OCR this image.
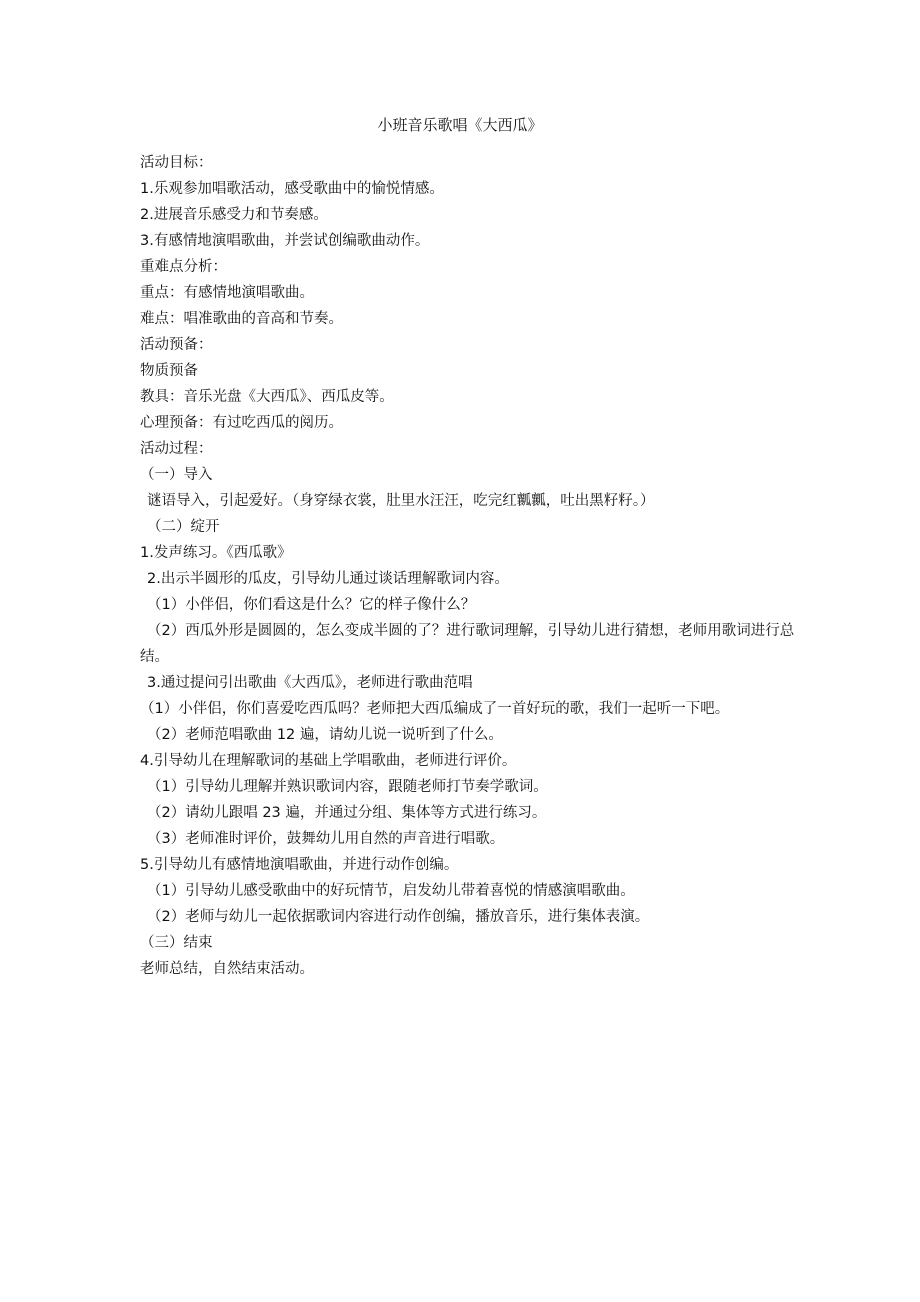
小班音乐歌唱《大西瓜》
活动目标：
1.乐观参加唱歌活动，感受歌曲中的愉悦情感。
2.进展音乐感受力和节奏感。
3.有感情地演唱歌曲，并尝试创编歌曲动作。
重难点分析：
重点：有感情地演唱歌曲。
难点：唱准歌曲的音高和节奏。
活动预备：
物质预备
教具：音乐光盘《大西瓜》、西瓜皮等。
心理预备：有过吃西瓜的阅历。
活动过程：
（一）导入
谜语导入，引起爱好。（身穿绿衣裳，肚里水汪汪，吃完红瓤瓤，吐出黑籽籽。）
（二）绽开
1.发声练习。《西瓜歌》
2.出示半圆形的瓜皮，引导幼儿通过谈话理解歌词内容。
（1）小伴侣，你们看这是什么？它的样子像什么？
（2）西瓜外形是圆圆的，怎么变成半圆的了？进行歌词理解，引导幼儿进行猜想，老师用歌词进行总结。
3.通过提问引出歌曲《大西瓜》，老师进行歌曲范唱
（1）小伴侣，你们喜爱吃西瓜吗？老师把大西瓜编成了一首好玩的歌，我们一起听一下吧。
（2）老师范唱歌曲 12 遍，请幼儿说一说听到了什么。
4.引导幼儿在理解歌词的基础上学唱歌曲，老师进行评价。
（1）引导幼儿理解并熟识歌词内容，跟随老师打节奏学歌词。
（2）请幼儿跟唱 23 遍，并通过分组、集体等方式进行练习。
（3）老师准时评价，鼓舞幼儿用自然的声音进行唱歌。
5.引导幼儿有感情地演唱歌曲，并进行动作创编。
（1）引导幼儿感受歌曲中的好玩情节，启发幼儿带着喜悦的情感演唱歌曲。
（2）老师与幼儿一起依据歌词内容进行动作创编，播放音乐，进行集体表演。
（三）结束
老师总结，自然结束活动。
